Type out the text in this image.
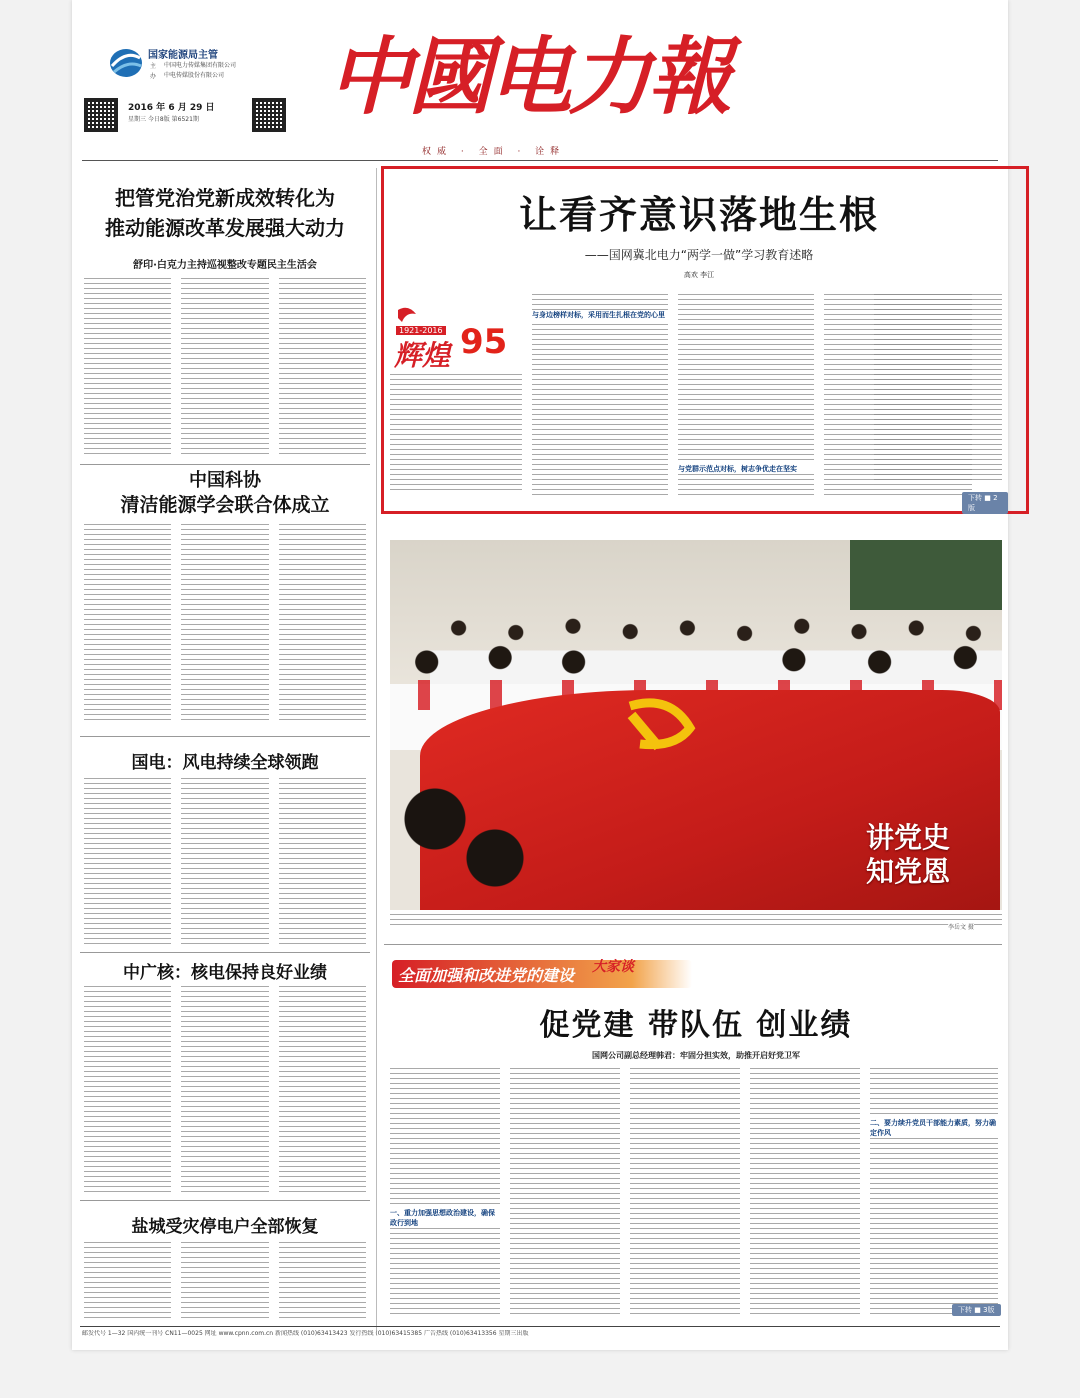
国家能源局主管
中国电力传媒集团有限公司
中电传媒股份有限公司
主
办
2016 年 6 月 29 日
星期三 今日8版 第6521期 中國电力報
权威 · 全面 · 诠释
把管党治党新成效转化为
推动能源改革发展强大动力
舒印·白克力主持巡视整改专题民主生活会
中国科协
清洁能源学会联合体成立
国电：风电持续全球领跑
中广核：核电保持良好业绩
盐城受灾停电户全部恢复
让看齐意识落地生根
——国网冀北电力“两学一做”学习教育述略
高欢 李江
1921-2016
辉煌 95
与身边榜样对标，采用而生扎根在党的心里
与党群示范点对标，树志争优走在坚实
下转 ■ 2版
讲党史
知党恩
李岳文 摄
全面加强和改进党的建设 大家谈
促党建 带队伍 创业绩
国网公司副总经理韩君：牢固分担实效，助推开启好党卫军
一、重力加强思想政治建设，确保政行到地
二、要力续升党员干部能力素质，努力确定作风
下转 ■ 3版
邮发代号 1—32 国内统一刊号 CN11—0025 网址 www.cpnn.com.cn 新闻热线 (010)63413423 发行热线 (010)63415385 广告热线 (010)63413356 星期三出版
